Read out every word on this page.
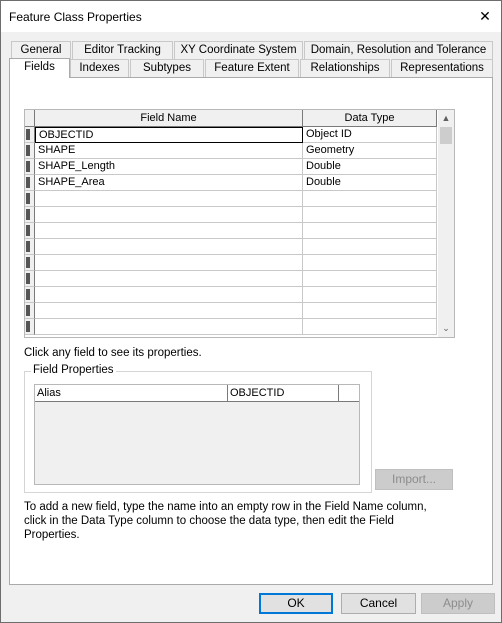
Feature Class Properties	✕
General	Editor Tracking	XY Coordinate System	Domain, Resolution and Tolerance
Fields	Indexes	Subtypes	Feature Extent	Relationships	Representations
Field Name	Data Type
OBJECTID	Object ID
SHAPE	Geometry
SHAPE_Length	Double
SHAPE_Area	Double
▲
⌄
Click any field to see its properties.
Field Properties
Alias	OBJECTID
Import...
To add a new field, type the name into an empty row in the Field Name column, click in the Data Type column to choose the data type, then edit the Field Properties.
OK	Cancel	Apply
